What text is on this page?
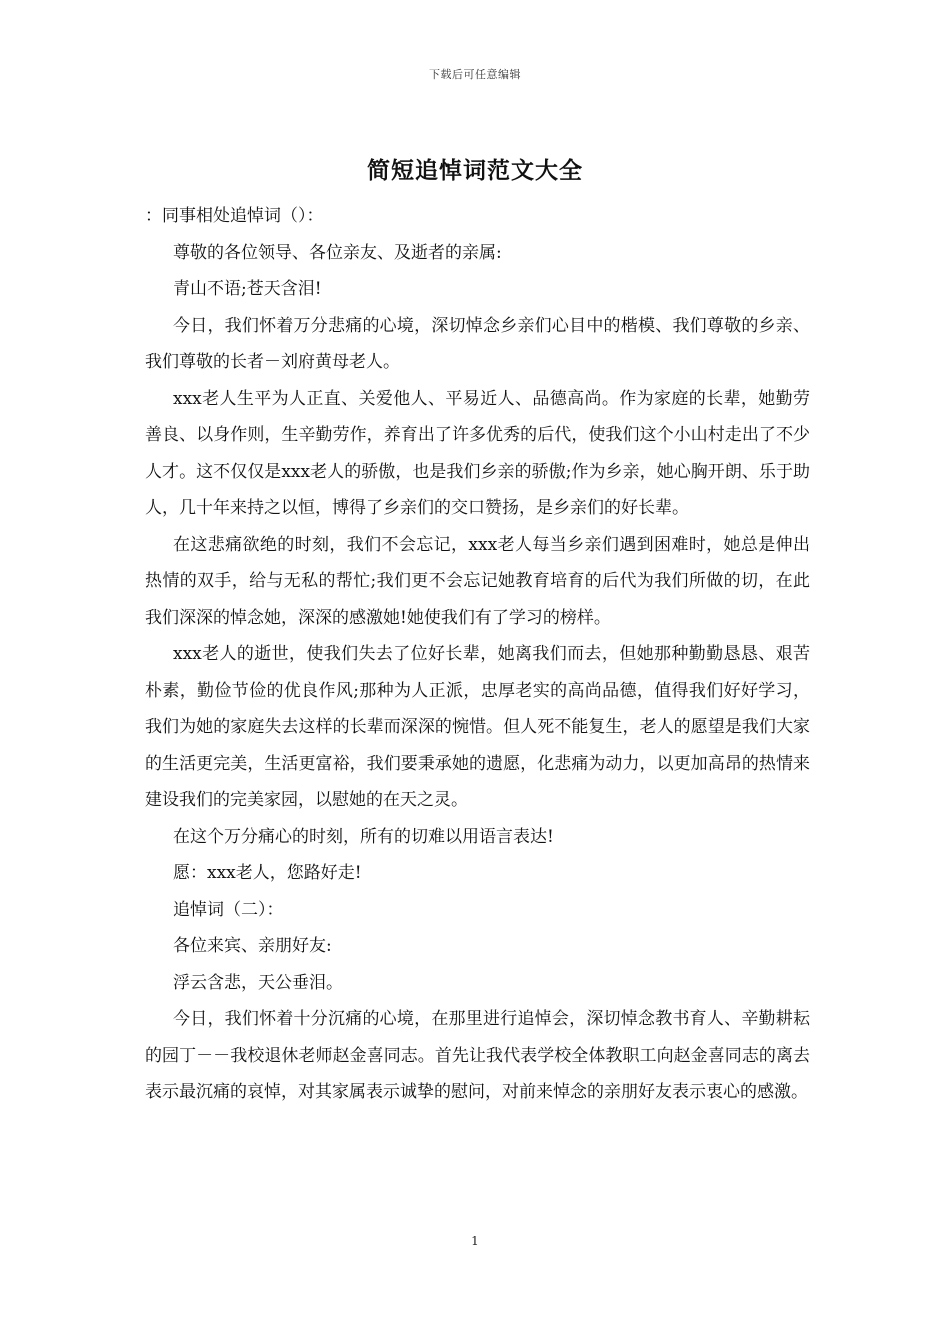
下载后可任意编辑
简短追悼词范文大全

：同事相处追悼词（）：

尊敬的各位领导、各位亲友、及逝者的亲属:

青山不语;苍天含泪!

今日，我们怀着万分悲痛的心境，深切悼念乡亲们心目中的楷模、我们尊敬的乡亲、我们尊敬的长者－刘府黄母老人。

xxx老人生平为人正直、关爱他人、平易近人、品德高尚。作为家庭的长辈，她勤劳善良、以身作则，生辛勤劳作，养育出了许多优秀的后代，使我们这个小山村走出了不少人才。这不仅仅是xxx老人的骄傲，也是我们乡亲的骄傲;作为乡亲，她心胸开朗、乐于助人，几十年来持之以恒，博得了乡亲们的交口赞扬，是乡亲们的好长辈。

在这悲痛欲绝的时刻，我们不会忘记，xxx老人每当乡亲们遇到困难时，她总是伸出热情的双手，给与无私的帮忙;我们更不会忘记她教育培育的后代为我们所做的切，在此我们深深的悼念她，深深的感激她!她使我们有了学习的榜样。

xxx老人的逝世，使我们失去了位好长辈，她离我们而去，但她那种勤勤恳恳、艰苦朴素，勤俭节俭的优良作风;那种为人正派，忠厚老实的高尚品德，值得我们好好学习，我们为她的家庭失去这样的长辈而深深的惋惜。但人死不能复生，老人的愿望是我们大家的生活更完美，生活更富裕，我们要秉承她的遗愿，化悲痛为动力，以更加高昂的热情来建设我们的完美家园，以慰她的在天之灵。

在这个万分痛心的时刻，所有的切难以用语言表达!

愿：xxx老人，您路好走!

追悼词（二）：

各位来宾、亲朋好友:

浮云含悲，天公垂泪。

今日，我们怀着十分沉痛的心境，在那里进行追悼会，深切悼念教书育人、辛勤耕耘的园丁－－我校退休老师赵金喜同志。首先让我代表学校全体教职工向赵金喜同志的离去表示最沉痛的哀悼，对其家属表示诚挚的慰问，对前来悼念的亲朋好友表示衷心的感激。

1
